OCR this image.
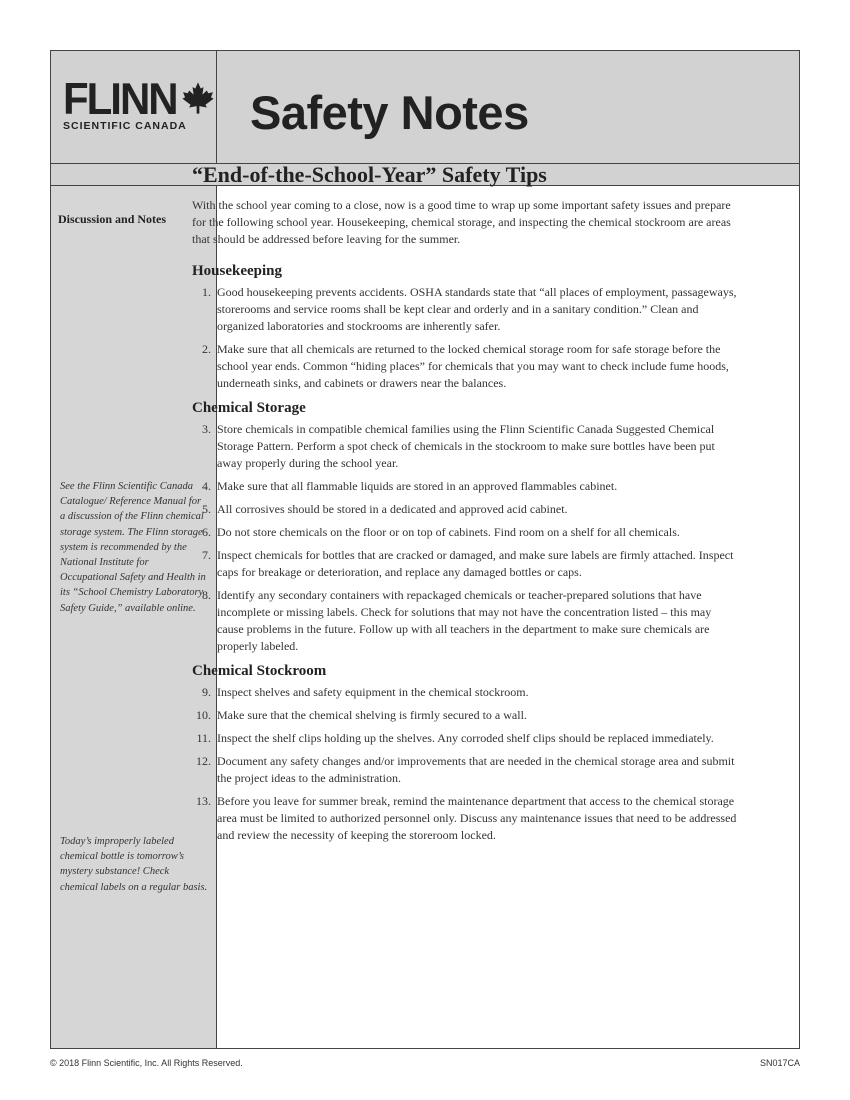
FLINN
SCIENTIFIC CANADA Safety Notes
Discussion and Notes
See the Flinn Scientific Canada Catalogue/ Reference Manual for a discussion of the Flinn chemical storage system. The Flinn storage system is recommended by the National Institute for Occupational Safety and Health in its “School Chemistry Laboratory Safety Guide,” available online.
Today’s improperly labeled chemical bottle is tomorrow’s mystery substance! Check chemical labels on a regular basis.
“End-of-the-School-Year” Safety Tips

With the school year coming to a close, now is a good time to wrap up some important safety issues and prepare for the following school year. Housekeeping, chemical storage, and inspecting the chemical stockroom are areas that should be addressed before leaving for the summer.

Housekeeping
1. Good housekeeping prevents accidents. OSHA standards state that “all places of employment, passageways, storerooms and service rooms shall be kept clear and orderly and in a sanitary condition.” Clean and organized laboratories and stockrooms are inherently safer.
2. Make sure that all chemicals are returned to the locked chemical storage room for safe storage before the school year ends. Common “hiding places” for chemicals that you may want to check include fume hoods, underneath sinks, and cabinets or drawers near the balances.
Chemical Storage
3. Store chemicals in compatible chemical families using the Flinn Scientific Canada Suggested Chemical Storage Pattern. Perform a spot check of chemicals in the stockroom to make sure bottles have been put away properly during the school year.
4. Make sure that all flammable liquids are stored in an approved flammables cabinet.
5. All corrosives should be stored in a dedicated and approved acid cabinet.
6. Do not store chemicals on the floor or on top of cabinets. Find room on a shelf for all chemicals.
7. Inspect chemicals for bottles that are cracked or damaged, and make sure labels are firmly attached. Inspect caps for breakage or deterioration, and replace any damaged bottles or caps.
8. Identify any secondary containers with repackaged chemicals or teacher-prepared solutions that have incomplete or missing labels. Check for solutions that may not have the concentration listed – this may cause problems in the future. Follow up with all teachers in the department to make sure chemicals are properly labeled.
Chemical Stockroom
9. Inspect shelves and safety equipment in the chemical stockroom.
10. Make sure that the chemical shelving is firmly secured to a wall.
11. Inspect the shelf clips holding up the shelves. Any corroded shelf clips should be replaced immediately.
12. Document any safety changes and/or improvements that are needed in the chemical storage area and submit the project ideas to the administration.
13. Before you leave for summer break, remind the maintenance department that access to the chemical storage area must be limited to authorized personnel only. Discuss any maintenance issues that need to be addressed and review the necessity of keeping the storeroom locked.
© 2018 Flinn Scientific, Inc. All Rights Reserved.	SN017CA
